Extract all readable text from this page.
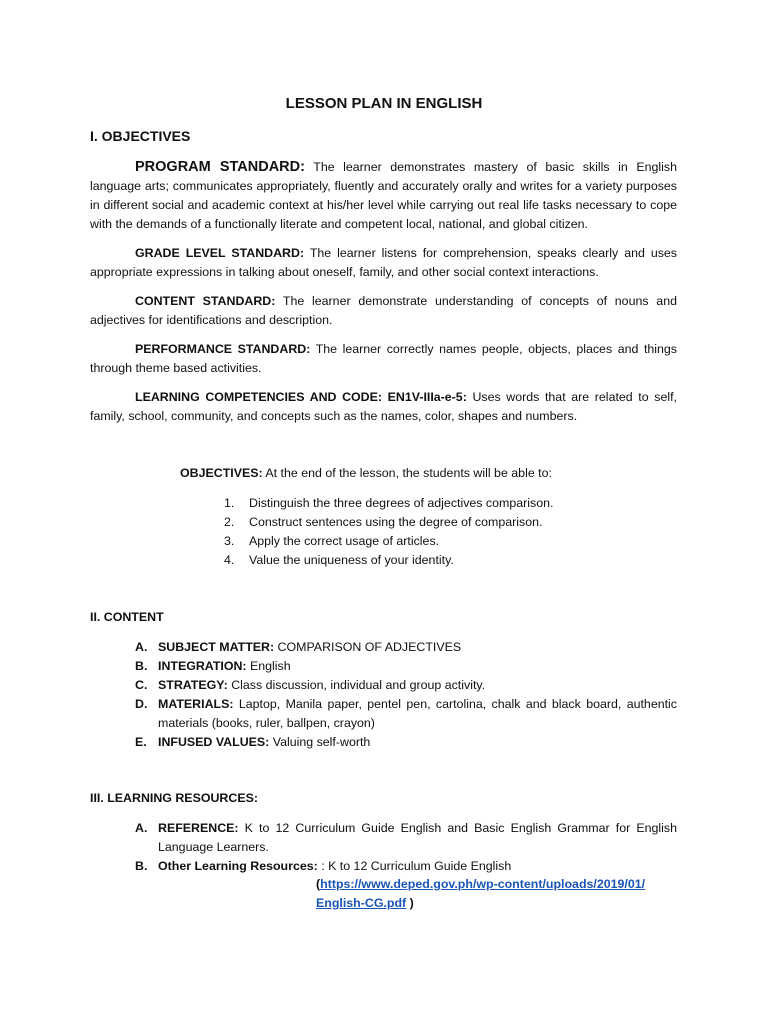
LESSON PLAN IN ENGLISH
I. OBJECTIVES
PROGRAM STANDARD: The learner demonstrates mastery of basic skills in English language arts; communicates appropriately, fluently and accurately orally and writes for a variety purposes in different social and academic context at his/her level while carrying out real life tasks necessary to cope with the demands of a functionally literate and competent local, national, and global citizen.
GRADE LEVEL STANDARD: The learner listens for comprehension, speaks clearly and uses appropriate expressions in talking about oneself, family, and other social context interactions.
CONTENT STANDARD: The learner demonstrate understanding of concepts of nouns and adjectives for identifications and description.
PERFORMANCE STANDARD: The learner correctly names people, objects, places and things through theme based activities.
LEARNING COMPETENCIES AND CODE: EN1V-IIIa-e-5: Uses words that are related to self, family, school, community, and concepts such as the names, color, shapes and numbers.
OBJECTIVES: At the end of the lesson, the students will be able to:
1. Distinguish the three degrees of adjectives comparison.
2. Construct sentences using the degree of comparison.
3. Apply the correct usage of articles.
4. Value the uniqueness of your identity.
II. CONTENT
A. SUBJECT MATTER: COMPARISON OF ADJECTIVES
B. INTEGRATION: English
C. STRATEGY: Class discussion, individual and group activity.
D. MATERIALS: Laptop, Manila paper, pentel pen, cartolina, chalk and black board, authentic materials (books, ruler, ballpen, crayon)
E. INFUSED VALUES: Valuing self-worth
III. LEARNING RESOURCES:
A. REFERENCE: K to 12 Curriculum Guide English and Basic English Grammar for English Language Learners.
B. Other Learning Resources: : K to 12 Curriculum Guide English
(https://www.deped.gov.ph/wp-content/uploads/2019/01/
English-CG.pdf )
